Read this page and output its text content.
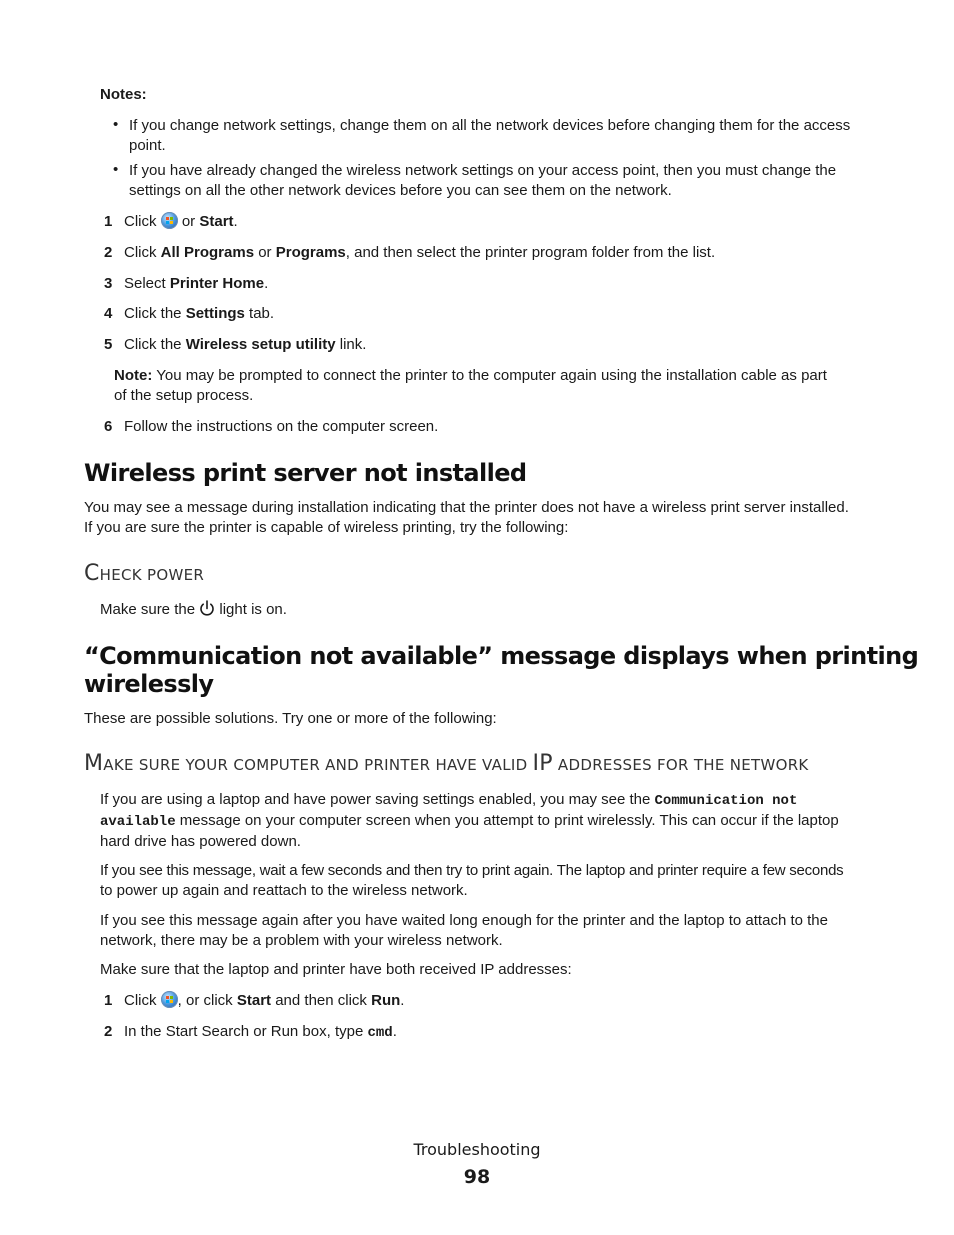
Notes:
• If you change network settings, change them on all the network devices before changing them for the access
point.
• If you have already changed the wireless network settings on your access point, then you must change the
settings on all the other network devices before you can see them on the network.
1 Click  or Start.
2 Click All Programs or Programs, and then select the printer program folder from the list.
3 Select Printer Home.
4 Click the Settings tab.
5 Click the Wireless setup utility link.
Note: You may be prompted to connect the printer to the computer again using the installation cable as part
of the setup process.
6 Follow the instructions on the computer screen.
Wireless print server not installed
You may see a message during installation indicating that the printer does not have a wireless print server installed.
If you are sure the printer is capable of wireless printing, try the following:
CHECK POWER
Make sure the  light is on.
“Communication not available” message displays when printing
wirelessly
These are possible solutions. Try one or more of the following:
MAKE SURE YOUR COMPUTER AND PRINTER HAVE VALID IP ADDRESSES FOR THE NETWORK
If you are using a laptop and have power saving settings enabled, you may see the Communication not
available message on your computer screen when you attempt to print wirelessly. This can occur if the laptop
hard drive has powered down.
If you see this message, wait a few seconds and then try to print again. The laptop and printer require a few seconds
to power up again and reattach to the wireless network.
If you see this message again after you have waited long enough for the printer and the laptop to attach to the
network, there may be a problem with your wireless network.
Make sure that the laptop and printer have both received IP addresses:
1 Click , or click Start and then click Run.
2 In the Start Search or Run box, type cmd.
Troubleshooting
98
